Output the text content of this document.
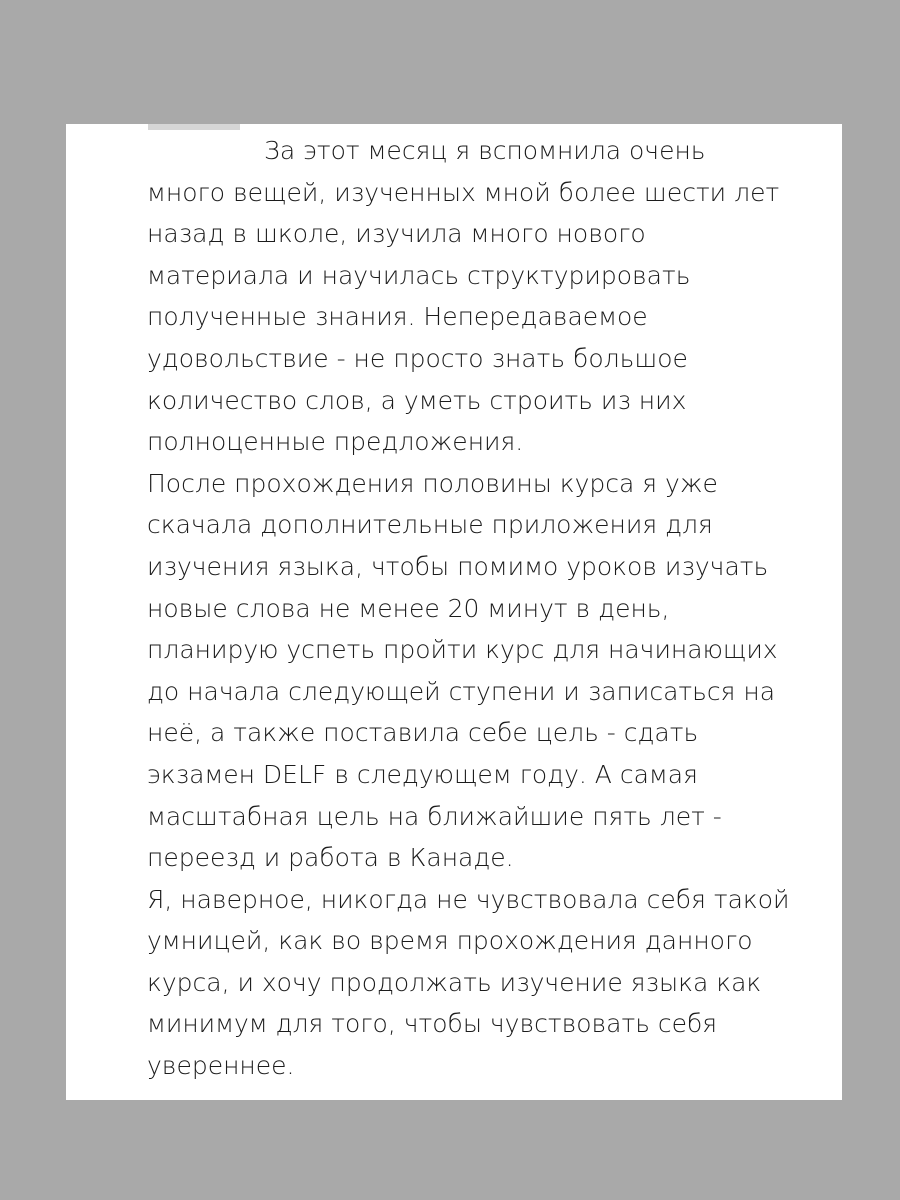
За этот месяц я вспомнила очень
много вещей, изученных мной более шести лет
назад в школе, изучила много нового
материала и научилась структурировать
полученные знания. Непередаваемое
удовольствие - не просто знать большое
количество слов, а уметь строить из них
полноценные предложения.
После прохождения половины курса я уже
скачала дополнительные приложения для
изучения языка, чтобы помимо уроков изучать
новые слова не менее 20 минут в день,
планирую успеть пройти курс для начинающих
до начала следующей ступени и записаться на
неё, а также поставила себе цель - сдать
экзамен DELF в следующем году. А самая
масштабная цель на ближайшие пять лет -
переезд и работа в Канаде.
Я, наверное, никогда не чувствовала себя такой
умницей, как во время прохождения данного
курса, и хочу продолжать изучение языка как
минимум для того, чтобы чувствовать себя
увереннее.
